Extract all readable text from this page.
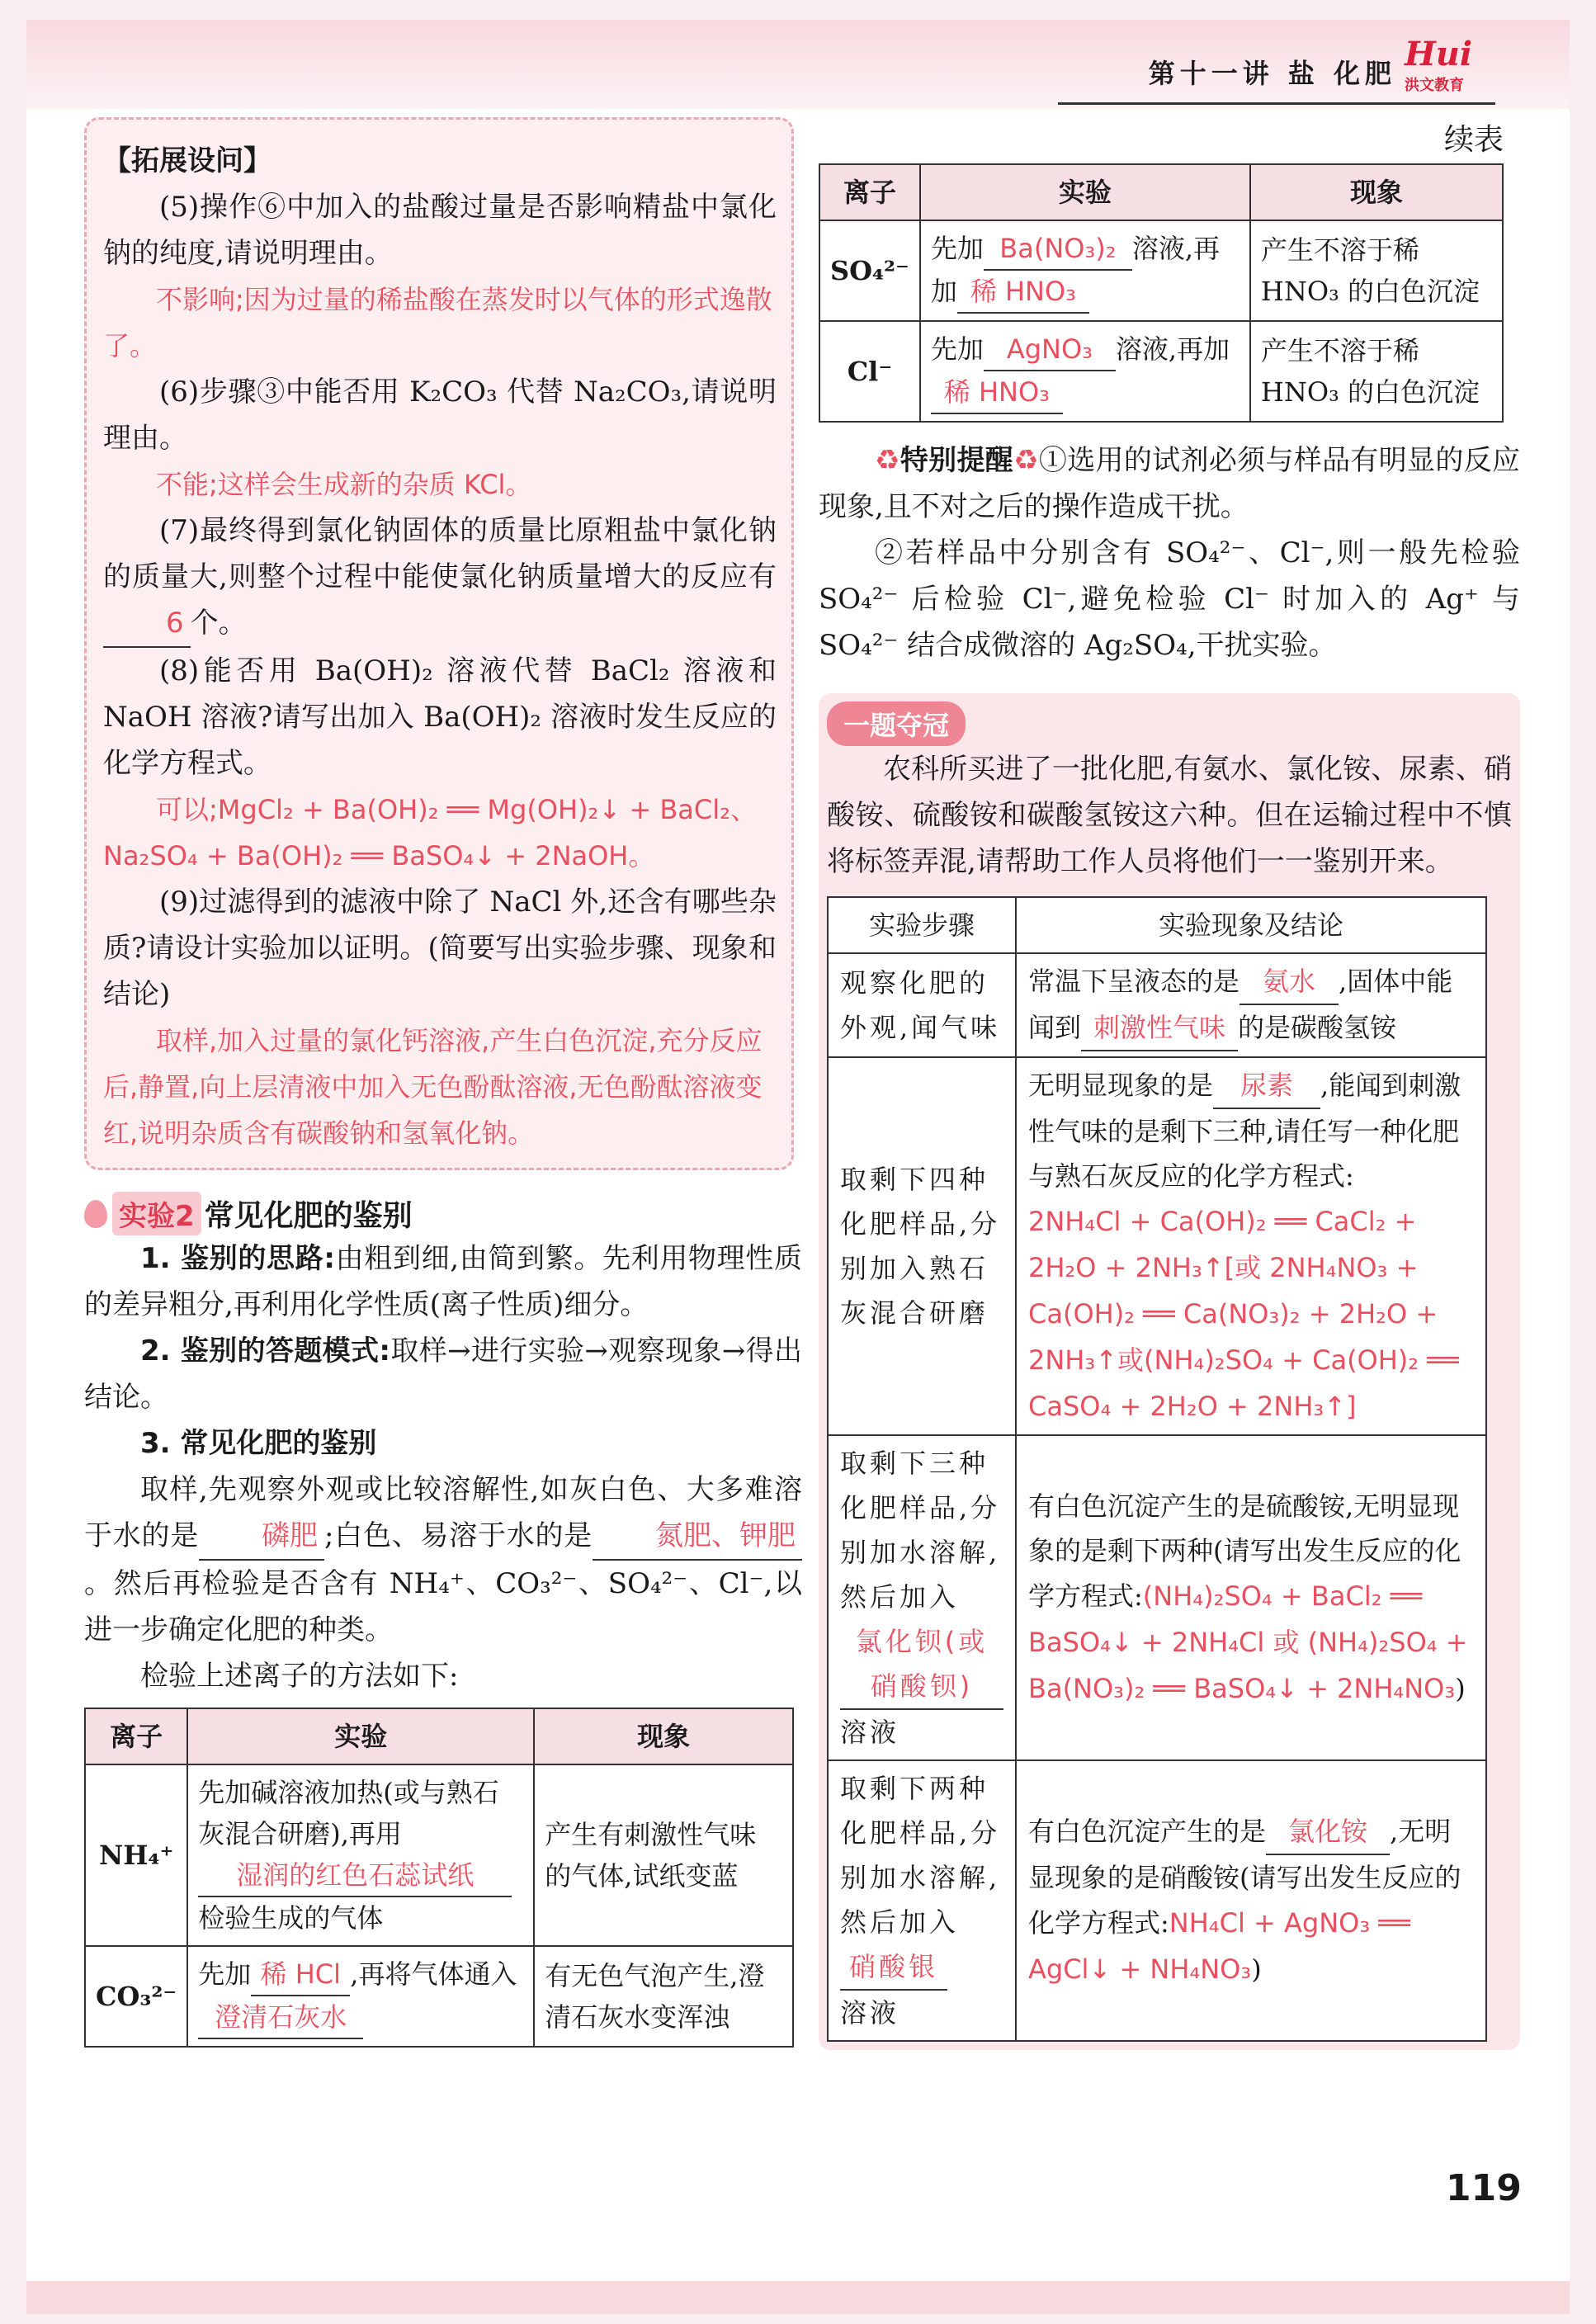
第十一讲 盐 化肥 Hui
洪文教育

【拓展设问】

(5)操作⑥中加入的盐酸过量是否影响精盐中氯化钠的纯度,请说明理由。

不影响;因为过量的稀盐酸在蒸发时以气体的形式逸散了。

(6)步骤③中能否用 K₂CO₃ 代替 Na₂CO₃,请说明理由。

不能;这样会生成新的杂质 KCl。

(7)最终得到氯化钠固体的质量比原粗盐中氯化钠的质量大,则整个过程中能使氯化钠质量增大的反应有6 个。

(8)能否用 Ba(OH)₂ 溶液代替 BaCl₂ 溶液和 NaOH 溶液?请写出加入 Ba(OH)₂ 溶液时发生反应的化学方程式。

可以;MgCl₂ + Ba(OH)₂ ══ Mg(OH)₂↓ + BaCl₂、Na₂SO₄ + Ba(OH)₂ ══ BaSO₄↓ + 2NaOH。

(9)过滤得到的滤液中除了 NaCl 外,还含有哪些杂质?请设计实验加以证明。(简要写出实验步骤、现象和结论)

取样,加入过量的氯化钙溶液,产生白色沉淀,充分反应后,静置,向上层清液中加入无色酚酞溶液,无色酚酞溶液变红,说明杂质含有碳酸钠和氢氧化钠。

实验2 常见化肥的鉴别

1. 鉴别的思路:由粗到细,由简到繁。先利用物理性质的差异粗分,再利用化学性质(离子性质)细分。

2. 鉴别的答题模式:取样→进行实验→观察现象→得出结论。

3. 常见化肥的鉴别

取样,先观察外观或比较溶解性,如灰白色、大多难溶于水的是 磷肥 ;白色、易溶于水的是 氮肥、钾肥。然后再检验是否含有 NH₄⁺、CO₃²⁻、SO₄²⁻、Cl⁻,以进一步确定化肥的种类。

检验上述离子的方法如下:

离子	实验	现象
NH₄⁺	先加碱溶液加热(或与熟石灰混合研磨),再用
湿润的红色石蕊试纸
检验生成的气体	产生有刺激性气味的气体,试纸变蓝
CO₃²⁻	先加 稀 HCl ,再将气体通入澄清石灰水	有无色气泡产生,澄清石灰水变浑浊
续表
离子	实验	现象
SO₄²⁻	先加 Ba(NO₃)₂ 溶液,再加 稀 HNO₃	产生不溶于稀 HNO₃ 的白色沉淀
Cl⁻	先加 AgNO₃ 溶液,再加稀 HNO₃	产生不溶于稀 HNO₃ 的白色沉淀

♻特别提醒♻①选用的试剂必须与样品有明显的反应现象,且不对之后的操作造成干扰。

②若样品中分别含有 SO₄²⁻、Cl⁻,则一般先检验 SO₄²⁻ 后检验 Cl⁻,避免检验 Cl⁻ 时加入的 Ag⁺ 与 SO₄²⁻ 结合成微溶的 Ag₂SO₄,干扰实验。

一题夺冠

农科所买进了一批化肥,有氨水、氯化铵、尿素、硝酸铵、硫酸铵和碳酸氢铵这六种。但在运输过程中不慎将标签弄混,请帮助工作人员将他们一一鉴别开来。

实验步骤	实验现象及结论
观察化肥的外观,闻气味	常温下呈液态的是 氨水 ,固体中能闻到 刺激性气味 的是碳酸氢铵
取剩下四种化肥样品,分别加入熟石灰混合研磨	无明显现象的是 尿素 ,能闻到刺激性气味的是剩下三种,请任写一种化肥与熟石灰反应的化学方程式:
2NH₄Cl + Ca(OH)₂ ══ CaCl₂ + 2H₂O + 2NH₃↑[或 2NH₄NO₃ + Ca(OH)₂ ══ Ca(NO₃)₂ + 2H₂O + 2NH₃↑或(NH₄)₂SO₄ + Ca(OH)₂ ══ CaSO₄ + 2H₂O + 2NH₃↑]
取剩下三种化肥样品,分别加水溶解,然后加入氯化钡(或硝酸钡)
溶液	有白色沉淀产生的是硫酸铵,无明显现象的是剩下两种(请写出发生反应的化学方程式:(NH₄)₂SO₄ + BaCl₂ ══ BaSO₄↓ + 2NH₄Cl 或 (NH₄)₂SO₄ + Ba(NO₃)₂ ══ BaSO₄↓ + 2NH₄NO₃)
取剩下两种化肥样品,分别加水溶解,然后加入硝酸银
溶液	有白色沉淀产生的是 氯化铵 ,无明显现象的是硝酸铵(请写出发生反应的化学方程式:NH₄Cl + AgNO₃ ══ AgCl↓ + NH₄NO₃)
119
